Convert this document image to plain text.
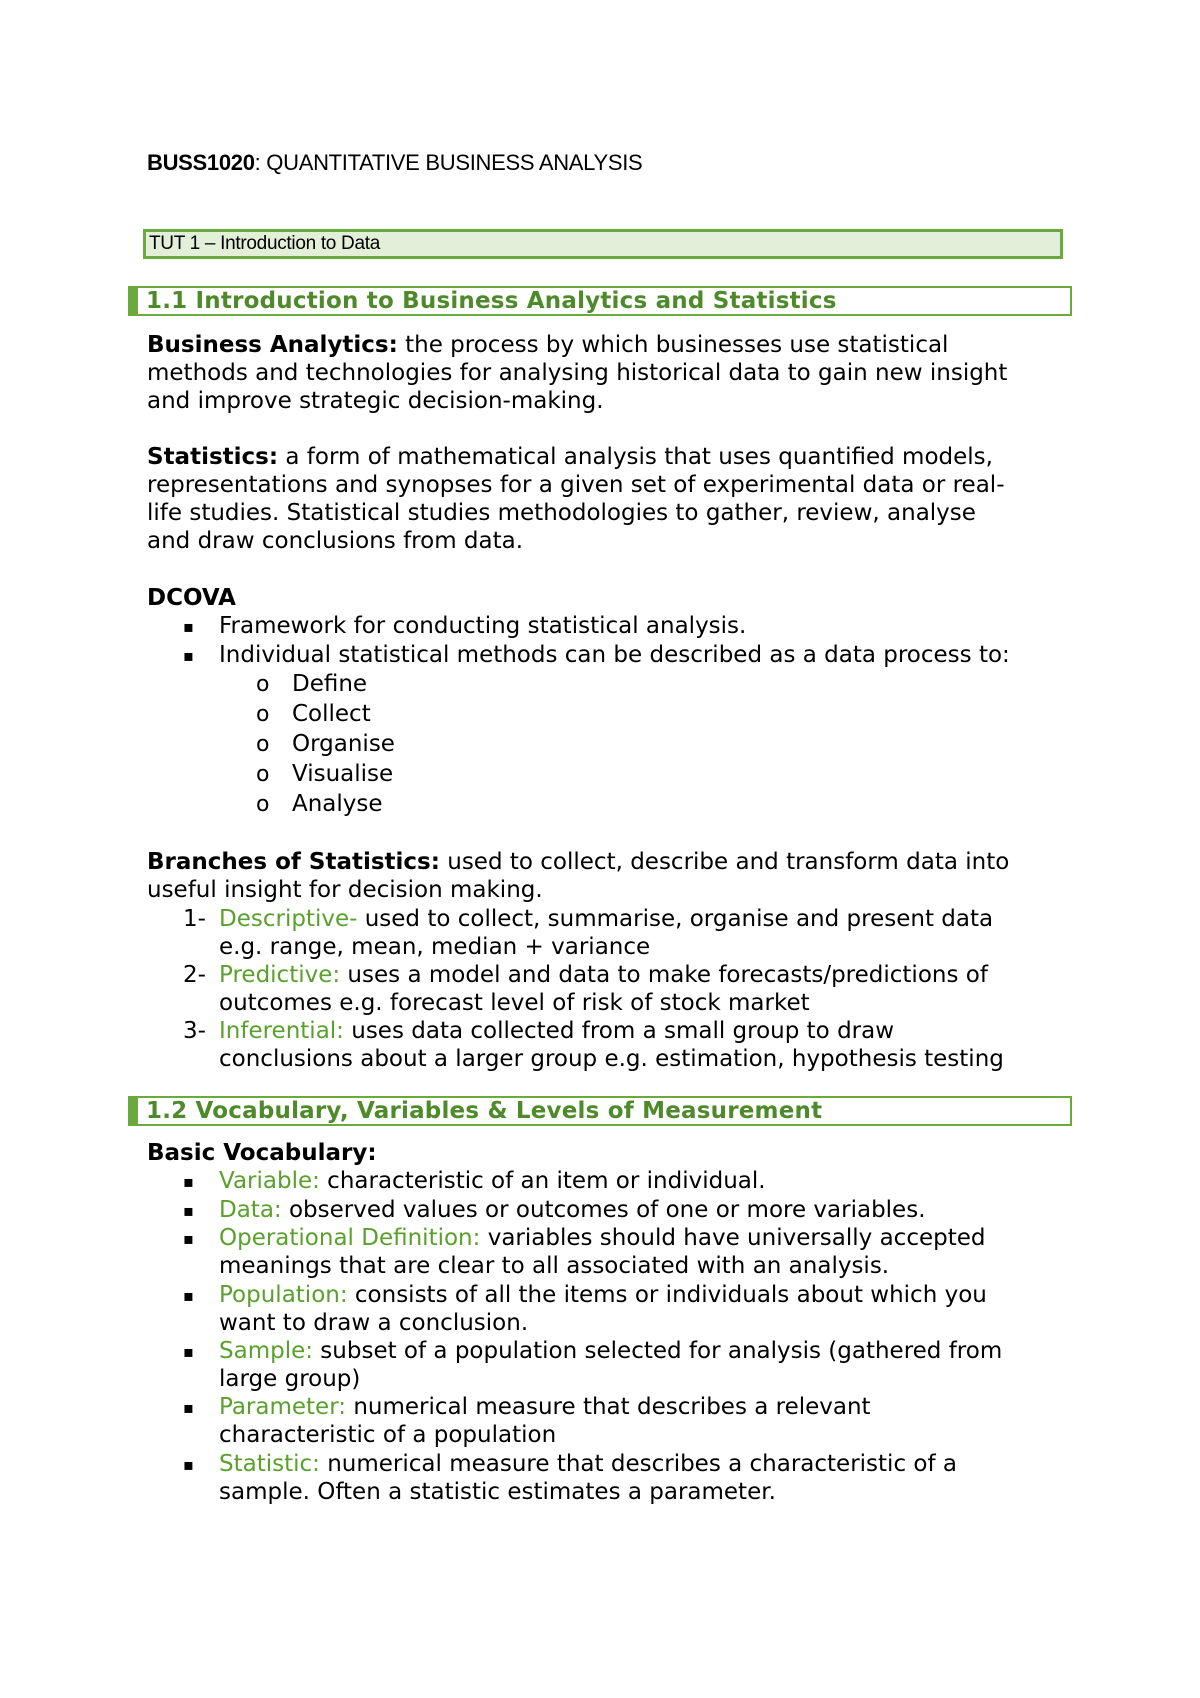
BUSS1020: QUANTITATIVE BUSINESS ANALYSIS
TUT 1 – Introduction to Data
1.1 Introduction to Business Analytics and Statistics
Business Analytics: the process by which businesses use statistical
methods and technologies for analysing historical data to gain new insight
and improve strategic decision-making.
Statistics: a form of mathematical analysis that uses quantified models,
representations and synopses for a given set of experimental data or real-
life studies. Statistical studies methodologies to gather, review, analyse
and draw conclusions from data.
DCOVA
▪ Framework for conducting statistical analysis.
▪ Individual statistical methods can be described as a data process to:
o Define
o Collect
o Organise
o Visualise
o Analyse
Branches of Statistics: used to collect, describe and transform data into
useful insight for decision making.
1- Descriptive- used to collect, summarise, organise and present data
e.g. range, mean, median + variance
2- Predictive: uses a model and data to make forecasts/predictions of
outcomes e.g. forecast level of risk of stock market
3- Inferential: uses data collected from a small group to draw
conclusions about a larger group e.g. estimation, hypothesis testing
1.2 Vocabulary, Variables & Levels of Measurement
Basic Vocabulary:
▪ Variable: characteristic of an item or individual.
▪ Data: observed values or outcomes of one or more variables.
▪ Operational Definition: variables should have universally accepted
meanings that are clear to all associated with an analysis.
▪ Population: consists of all the items or individuals about which you
want to draw a conclusion.
▪ Sample: subset of a population selected for analysis (gathered from
large group)
▪ Parameter: numerical measure that describes a relevant
characteristic of a population
▪ Statistic: numerical measure that describes a characteristic of a
sample. Often a statistic estimates a parameter.
